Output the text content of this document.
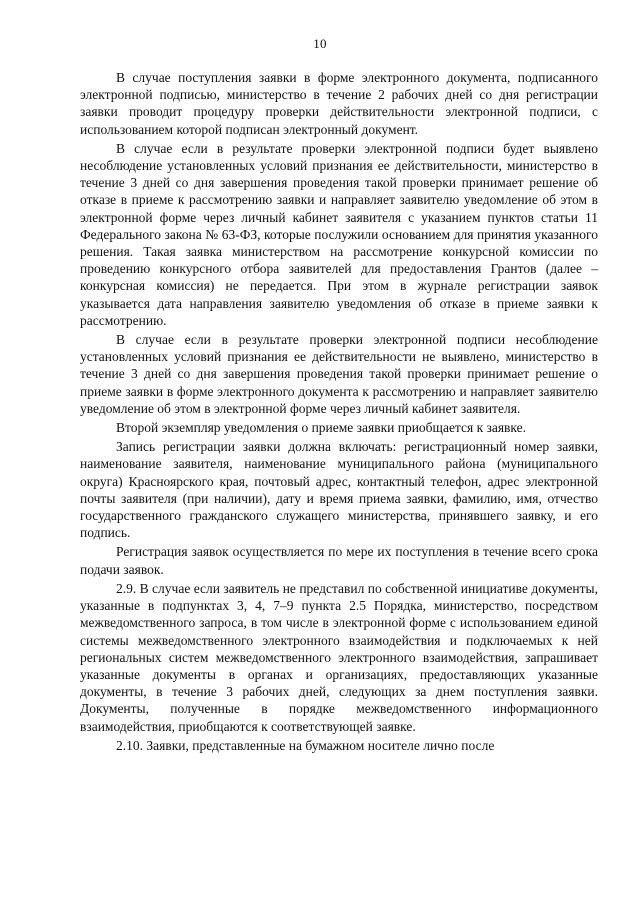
10

В случае поступления заявки в форме электронного документа, подписанного электронной подписью, министерство в течение 2 рабочих дней со дня регистрации заявки проводит процедуру проверки действительности электронной подписи, с использованием которой подписан электронный документ.

В случае если в результате проверки электронной подписи будет выявлено несоблюдение установленных условий признания ее действительности, министерство в течение 3 дней со дня завершения проведения такой проверки принимает решение об отказе в приеме к рассмотрению заявки и направляет заявителю уведомление об этом в электронной форме через личный кабинет заявителя с указанием пунктов статьи 11 Федерального закона № 63-ФЗ, которые послужили основанием для принятия указанного решения. Такая заявка министерством на рассмотрение конкурсной комиссии по проведению конкурсного отбора заявителей для предоставления Грантов (далее – конкурсная комиссия) не передается. При этом в журнале регистрации заявок указывается дата направления заявителю уведомления об отказе в приеме заявки к рассмотрению.

В случае если в результате проверки электронной подписи несоблюдение установленных условий признания ее действительности не выявлено, министерство в течение 3 дней со дня завершения проведения такой проверки принимает решение о приеме заявки в форме электронного документа к рассмотрению и направляет заявителю уведомление об этом в электронной форме через личный кабинет заявителя.

Второй экземпляр уведомления о приеме заявки приобщается к заявке.

Запись регистрации заявки должна включать: регистрационный номер заявки, наименование заявителя, наименование муниципального района (муниципального округа) Красноярского края, почтовый адрес, контактный телефон, адрес электронной почты заявителя (при наличии), дату и время приема заявки, фамилию, имя, отчество государственного гражданского служащего министерства, принявшего заявку, и его подпись.

Регистрация заявок осуществляется по мере их поступления в течение всего срока подачи заявок.

2.9. В случае если заявитель не представил по собственной инициативе документы, указанные в подпунктах 3, 4, 7–9 пункта 2.5 Порядка, министерство, посредством межведомственного запроса, в том числе в электронной форме с использованием единой системы межведомственного электронного взаимодействия и подключаемых к ней региональных систем межведомственного электронного взаимодействия, запрашивает указанные документы в органах и организациях, предоставляющих указанные документы, в течение 3 рабочих дней, следующих за днем поступления заявки. Документы, полученные в порядке межведомственного информационного взаимодействия, приобщаются к соответствующей заявке.

2.10. Заявки, представленные на бумажном носителе лично после
